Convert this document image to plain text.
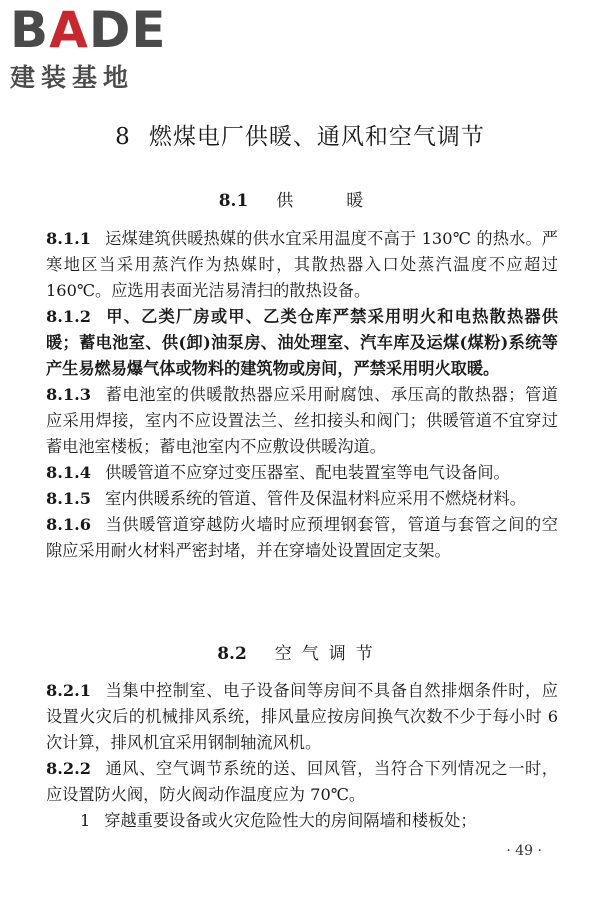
BADE
建装基地
8 燃煤电厂供暖、通风和空气调节
8.1 供　暖

8.1.1 运煤建筑供暖热媒的供水宜采用温度不高于 130℃ 的热水。严寒地区当采用蒸汽作为热媒时，其散热器入口处蒸汽温度不应超过 160℃。应选用表面光洁易清扫的散热设备。

8.1.2 甲、乙类厂房或甲、乙类仓库严禁采用明火和电热散热器供暖；蓄电池室、供(卸)油泵房、油处理室、汽车库及运煤(煤粉)系统等产生易燃易爆气体或物料的建筑物或房间，严禁采用明火取暖。

8.1.3 蓄电池室的供暖散热器应采用耐腐蚀、承压高的散热器；管道应采用焊接，室内不应设置法兰、丝扣接头和阀门；供暖管道不宜穿过蓄电池室楼板；蓄电池室内不应敷设供暖沟道。

8.1.4 供暖管道不应穿过变压器室、配电装置室等电气设备间。

8.1.5 室内供暖系统的管道、管件及保温材料应采用不燃烧材料。

8.1.6 当供暖管道穿越防火墙时应预埋钢套管，管道与套管之间的空隙应采用耐火材料严密封堵，并在穿墙处设置固定支架。

8.2 空气调节

8.2.1 当集中控制室、电子设备间等房间不具备自然排烟条件时，应设置火灾后的机械排风系统，排风量应按房间换气次数不少于每小时 6 次计算，排风机宜采用钢制轴流风机。

8.2.2 通风、空气调节系统的送、回风管，当符合下列情况之一时，应设置防火阀，防火阀动作温度应为 70℃。

1 穿越重要设备或火灾危险性大的房间隔墙和楼板处；

· 49 ·
